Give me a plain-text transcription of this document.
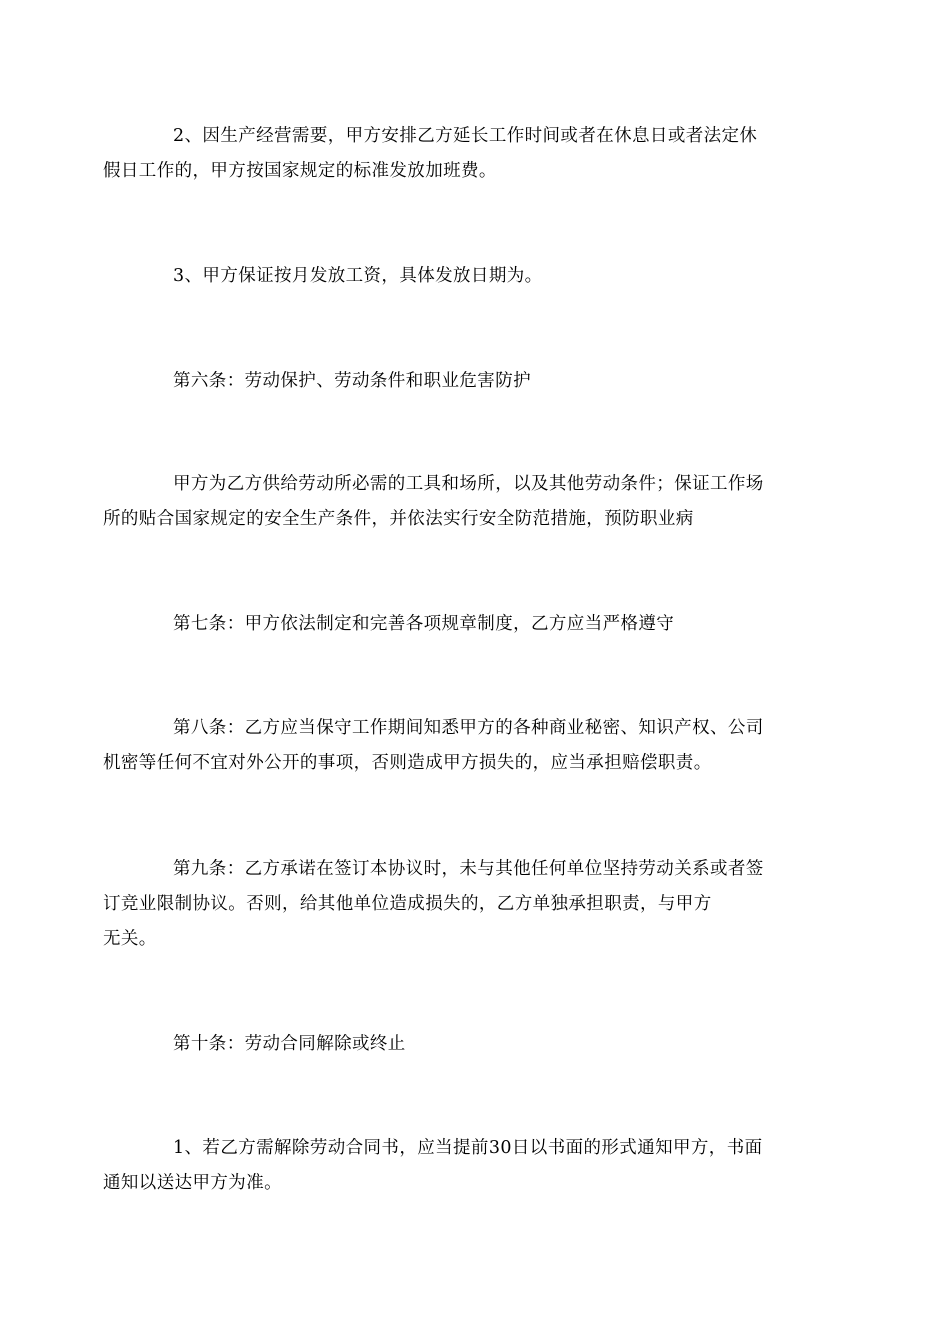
2、因生产经营需要，甲方安排乙方延长工作时间或者在休息日或者法定休
假日工作的，甲方按国家规定的标准发放加班费。

3、甲方保证按月发放工资，具体发放日期为。

第六条：劳动保护、劳动条件和职业危害防护

甲方为乙方供给劳动所必需的工具和场所，以及其他劳动条件；保证工作场
所的贴合国家规定的安全生产条件，并依法实行安全防范措施，预防职业病

第七条：甲方依法制定和完善各项规章制度，乙方应当严格遵守

第八条：乙方应当保守工作期间知悉甲方的各种商业秘密、知识产权、公司
机密等任何不宜对外公开的事项，否则造成甲方损失的，应当承担赔偿职责。

第九条：乙方承诺在签订本协议时，未与其他任何单位坚持劳动关系或者签
订竞业限制协议。否则，给其他单位造成损失的，乙方单独承担职责，与甲方
无关。

第十条：劳动合同解除或终止

1、若乙方需解除劳动合同书，应当提前30日以书面的形式通知甲方，书面
通知以送达甲方为准。
